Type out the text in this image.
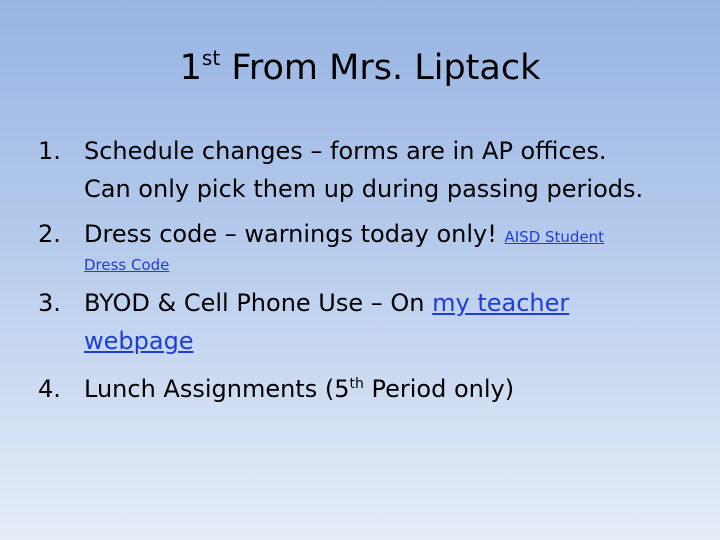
1st From Mrs. Liptack
1. Schedule changes – forms are in AP offices.
Can only pick them up during passing periods.
2. Dress code – warnings today only! AISD Student
Dress Code
3. BYOD & Cell Phone Use – On my teacher
webpage
4. Lunch Assignments (5th Period only)
